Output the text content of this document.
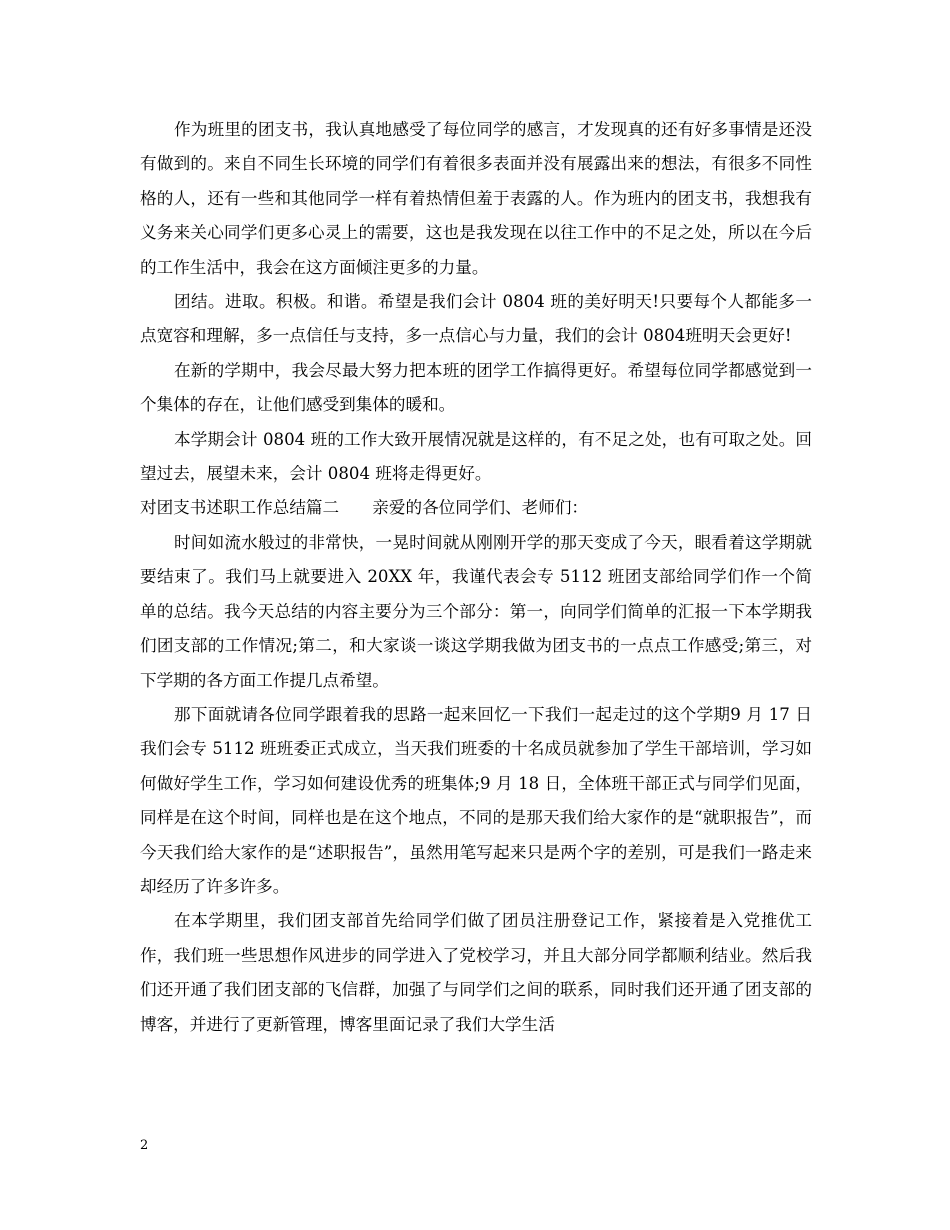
作为班里的团支书，我认真地感受了每位同学的感言，才发现真的还有好多事情是还没有做到的。来自不同生长环境的同学们有着很多表面并没有展露出来的想法，有很多不同性格的人，还有一些和其他同学一样有着热情但羞于表露的人。作为班内的团支书，我想我有义务来关心同学们更多心灵上的需要，这也是我发现在以往工作中的不足之处，所以在今后的工作生活中，我会在这方面倾注更多的力量。

团结。进取。积极。和谐。希望是我们会计 0804 班的美好明天!只要每个人都能多一点宽容和理解，多一点信任与支持，多一点信心与力量，我们的会计 0804班明天会更好!

在新的学期中，我会尽最大努力把本班的团学工作搞得更好。希望每位同学都感觉到一个集体的存在，让他们感受到集体的暖和。

本学期会计 0804 班的工作大致开展情况就是这样的，有不足之处，也有可取之处。回望过去，展望未来，会计 0804 班将走得更好。

对团支书述职工作总结篇二　　亲爱的各位同学们、老师们：

时间如流水般过的非常快，一晃时间就从刚刚开学的那天变成了今天，眼看着这学期就要结束了。我们马上就要进入 20XX 年，我谨代表会专 5112 班团支部给同学们作一个简单的总结。我今天总结的内容主要分为三个部分：第一，向同学们简单的汇报一下本学期我们团支部的工作情况;第二，和大家谈一谈这学期我做为团支书的一点点工作感受;第三，对下学期的各方面工作提几点希望。

那下面就请各位同学跟着我的思路一起来回忆一下我们一起走过的这个学期9 月 17 日我们会专 5112 班班委正式成立，当天我们班委的十名成员就参加了学生干部培训，学习如何做好学生工作，学习如何建设优秀的班集体;9 月 18 日，全体班干部正式与同学们见面，同样是在这个时间，同样也是在这个地点，不同的是那天我们给大家作的是“就职报告”，而今天我们给大家作的是“述职报告”，虽然用笔写起来只是两个字的差别，可是我们一路走来却经历了许多许多。

在本学期里，我们团支部首先给同学们做了团员注册登记工作，紧接着是入党推优工作，我们班一些思想作风进步的同学进入了党校学习，并且大部分同学都顺利结业。然后我们还开通了我们团支部的飞信群，加强了与同学们之间的联系，同时我们还开通了团支部的博客，并进行了更新管理，博客里面记录了我们大学生活

2
